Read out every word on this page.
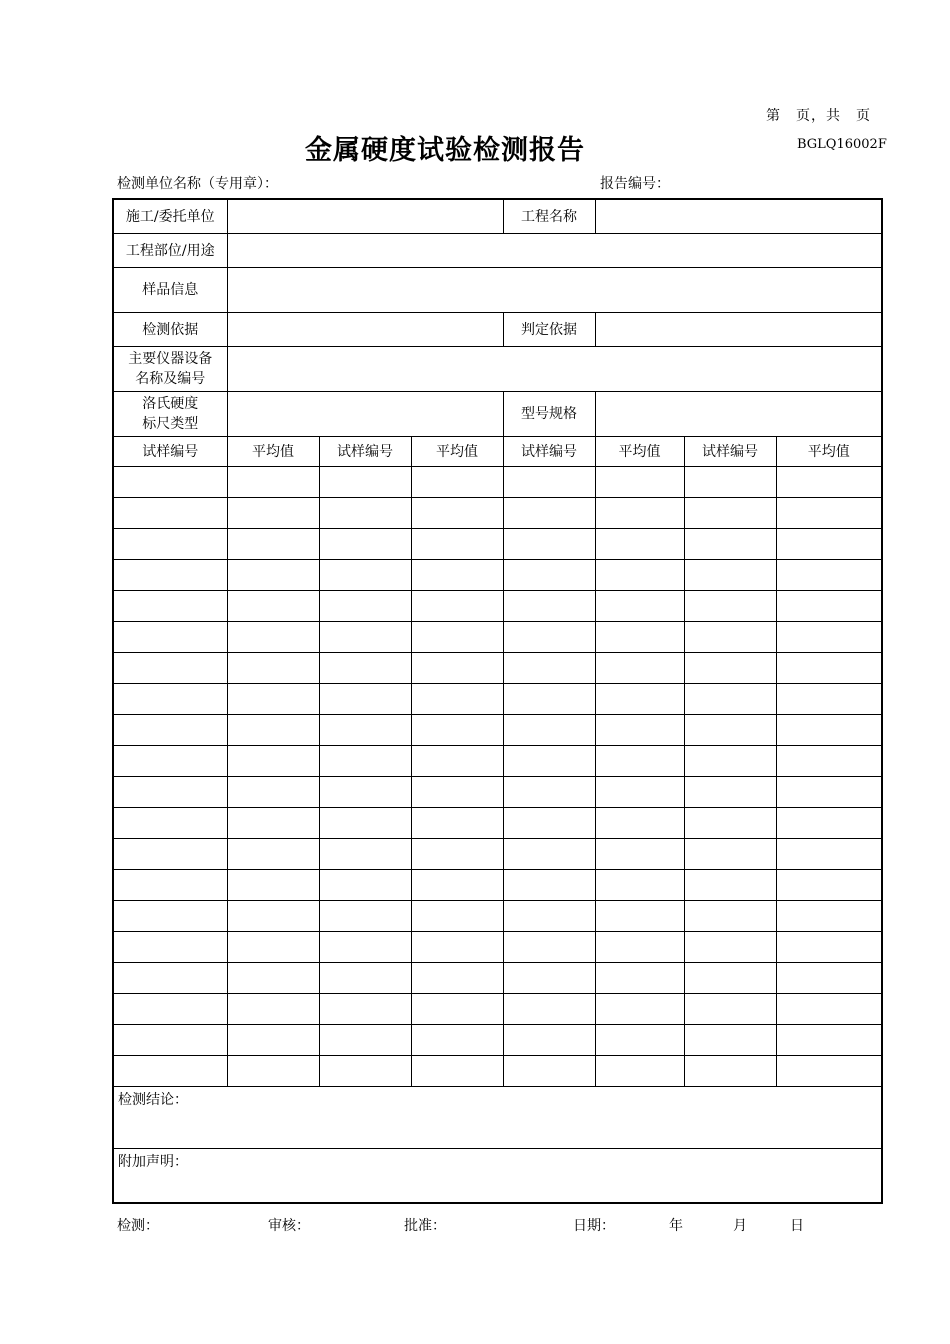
第　页，共　页
金属硬度试验检测报告	BGLQ16002F
检测单位名称（专用章）：	报告编号：
施工/委托单位				工程名称			
工程部位/用途							
样品信息							
检测依据				判定依据			

主要仪器设备
名称及编号							

洛氏硬度
标尺类型				型号规格			
试样编号	平均值	试样编号	平均值	试样编号	平均值	试样编号	平均值

检测结论：							
附加声明：							
检测：	审核：	批准：	日期：	年	月	日
